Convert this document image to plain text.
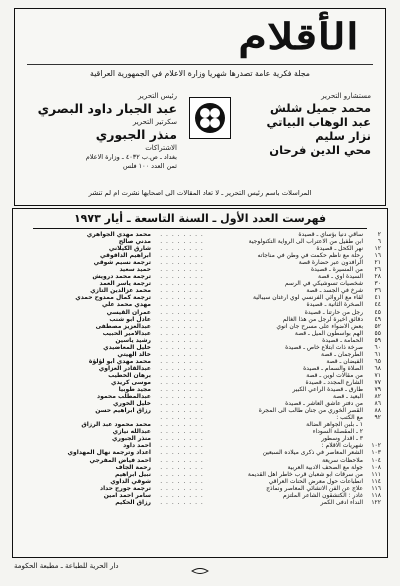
الأقلام
مجلة فكرية عامة تصدرها شهريا وزارة الاعلام في الجمهورية العراقية
مستشارو التحرير
محمد جميل شلش
عبد الوهاب البياتي
نزار سليم
محي الدين فرحان
رئيس التحرير
عبد الجبار داود البصري
سكرتير التحرير
منذر الجبوري
الاشتراكات
بغداد ـ ص.ب ٤٠٣٢ ـ وزارة الاعلام
ثمن العدد ١٠٠ فلس
المراسلات باسم رئيس التحرير ـ لا تعاد المقالات الى اصحابها نشرت ام لم تنشر
فهرست العدد الأول ـ السنة التاسعة ـ أيار ١٩٧٣
٢
ساقي دنيا بؤساي ـ قصيدة
. . . . . . . .
محمد مهدي الجواهري
٦
ابن طفيل من الاعتراب الى الرواية التكنولوجية
. . . . . . . .
مدني صالح
١٢
نهر الكحل ـ قصيدة
. . . . . . . .
شارق الكيلاني
١٦
رحلة مع ناظم حكمت في وطن في مناجاته
. . . . . . . .
ابراهيم الداقوقي
٢١
الرافدون عبر حضارة قصة
. . . . . . . .
ترجمة نسيم شوقي
٢٦
من المسيرة ـ قصيدة
. . . . . . . .
حميد سعيد
٢٨
السيدة اوي ـ قصة
. . . . . . . .
ترجمة محمد درويش
٣٠
شخصيات تسوشيكي في الرسم
. . . . . . . .
ترجمة ياسر العمد
٣٦
شرخ في الجسد ـ قصة
. . . . . . . .
محمد عزالدين التازي
٤١
لقاء مع الروائي الفرنسي لوي ارغتان سيبالية
. . . . . . . .
ترجمة كمال ممدوح حمدي
٤٤
الصخرة الثانية ـ قصيدة
. . . . . . . .
مهدي محمد علي
٤٥
رجل من حارتنا ـ قصيدة
. . . . . . . .
عمران القيسي
٤٩
دقائق اخيرة لرجل من هذا الغالم
. . . . . . . .
عادل ابو شنب
٥٢
بعض الاضواء على مسرح جان انوي
. . . . . . . .
عبدالعزيز مصطفى
٥٥
الهم بواسطون الميل ـ قصة
. . . . . . . .
عبدالامير الحبيب
٥٩
الحمامة ـ قصيدة
. . . . . . . .
رشيد ياسين
٦٠
صرخة ذات ابتلاع خاص ـ قصيدة
. . . . . . . .
خليل المعاضيدي
٦١
الطرجمان ـ قصة
. . . . . . . .
خالد الهيتي
٦٥
الفيضان ـ قصة
. . . . . . . .
محمد مهدي أبو لؤلؤة
٦٨
الصلاة والسمام ـ قصيدة
. . . . . . . .
عبدالقادر العزاوي
٧١
من مقالات لوين ـ قصة
. . . . . . . .
برهان الخطيب
٧٧
الشارع المجدد ـ قصيدة
. . . . . . . .
موسى كريدي
٧٩
طارق ـ قصيدة الراعي الكبير
. . . . . . . .
مجيد طوبيا
٨٢
البعيد ـ قصة
. . . . . . . .
عبدالمطلب محمود
٨٦
من دفتر عاشق العاشر ـ قصيدة
. . . . . . . .
خليل الخوري
٨٨
القصر الخوري من جنان طالب الى المجرة
. . . . . . . .
رزاق ابراهيم حسن
٩٢
مع الكتب :
. . . . . . . .
١ ـ بلبن الجواهر الضالة
. . . . . . . .
محمد محمود عبد الرزاق
٢ ـ المقصلة السوداء
. . . . . . . .
عبدالله نيازي
٣ ـ اقدار وسطور
. . . . . . . .
منذر الجبوري
١٠٢
شهريات الاقلام :
. . . . . . . .
احمد داود
١٠٣
الشعر المعاصر في ذكرى ميلاده السبعين
. . . . . . . .
اعداد وترجمة نهال المهداوي
١٠٤
ملاحظات سريعة
. . . . . . . .
احمد فياض المفرجي
١٠٨
جولة مع الصحف الادبية العربية
. . . . . . . .
رحمة الجاف
١١١
من سرقات ابو شعبان قرب خاطر اهل القديمة
. . . . . . . .
نبيل ابراهيم
١١٤
انطباعات حول معرض الحنات العراقي
. . . . . . . .
شوقي الداوي
١١٦
علاج عن الفن الانشائي المعاصر ونماذج
. . . . . . . .
ترجمة جورج حداد
١١٨
غادر : الكتشقون الشاعر الملتزم
. . . . . . . .
سامر احمد امين
١٢٢
النداء ادفى الكمر
. . . . . . . .
رزاق الحكيم
دار الحرية للطباعة ـ مطبعة الحكومة
